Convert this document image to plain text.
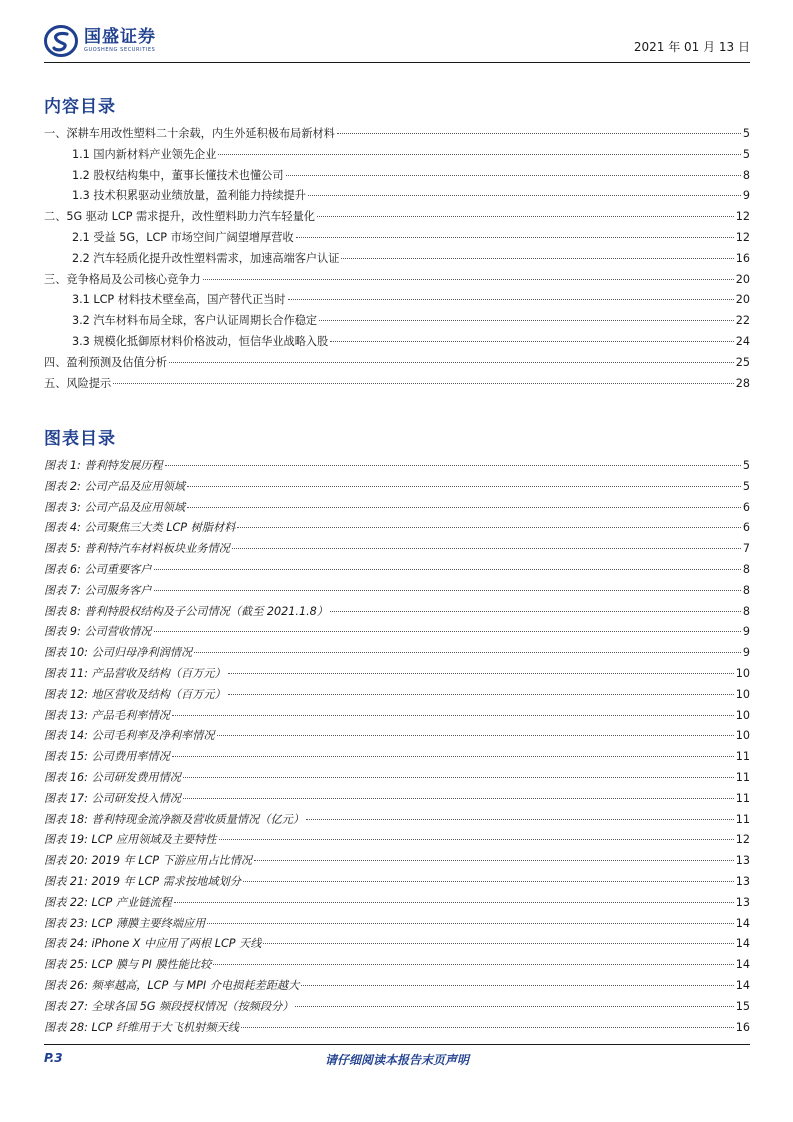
国盛证券
GUOSHENG SECURITIES	2021 年 01 月 13 日
内容目录
一、深耕车用改性塑料二十余载，内生外延积极布局新材料	5
1.1 国内新材料产业领先企业	5
1.2 股权结构集中，董事长懂技术也懂公司	8
1.3 技术积累驱动业绩放量，盈利能力持续提升	9
二、5G 驱动 LCP 需求提升，改性塑料助力汽车轻量化	12
2.1 受益 5G，LCP 市场空间广阔望增厚营收	12
2.2 汽车轻质化提升改性塑料需求，加速高端客户认证	16
三、竞争格局及公司核心竞争力	20
3.1 LCP 材料技术壁垒高，国产替代正当时	20
3.2 汽车材料布局全球，客户认证周期长合作稳定	22
3.3 规模化抵御原材料价格波动，恒信华业战略入股	24
四、盈利预测及估值分析	25
五、风险提示	28
图表目录
图表 1: 普利特发展历程	5
图表 2: 公司产品及应用领域	5
图表 3: 公司产品及应用领域	6
图表 4: 公司聚焦三大类 LCP 树脂材料	6
图表 5: 普利特汽车材料板块业务情况	7
图表 6: 公司重要客户	8
图表 7: 公司服务客户	8
图表 8: 普利特股权结构及子公司情况（截至 2021.1.8）	8
图表 9: 公司营收情况	9
图表 10: 公司归母净利润情况	9
图表 11: 产品营收及结构（百万元）	10
图表 12: 地区营收及结构（百万元）	10
图表 13: 产品毛利率情况	10
图表 14: 公司毛利率及净利率情况	10
图表 15: 公司费用率情况	11
图表 16: 公司研发费用情况	11
图表 17: 公司研发投入情况	11
图表 18: 普利特现金流净额及营收质量情况（亿元）	11
图表 19: LCP 应用领域及主要特性	12
图表 20: 2019 年 LCP 下游应用占比情况	13
图表 21: 2019 年 LCP 需求按地域划分	13
图表 22: LCP 产业链流程	13
图表 23: LCP 薄膜主要终端应用	14
图表 24: iPhone X 中应用了两根 LCP 天线	14
图表 25: LCP 膜与 PI 膜性能比较	14
图表 26: 频率越高，LCP 与 MPI 介电损耗差距越大	14
图表 27: 全球各国 5G 频段授权情况（按频段分）	15
图表 28: LCP 纤维用于大飞机射频天线	16
P.3	请仔细阅读本报告末页声明
